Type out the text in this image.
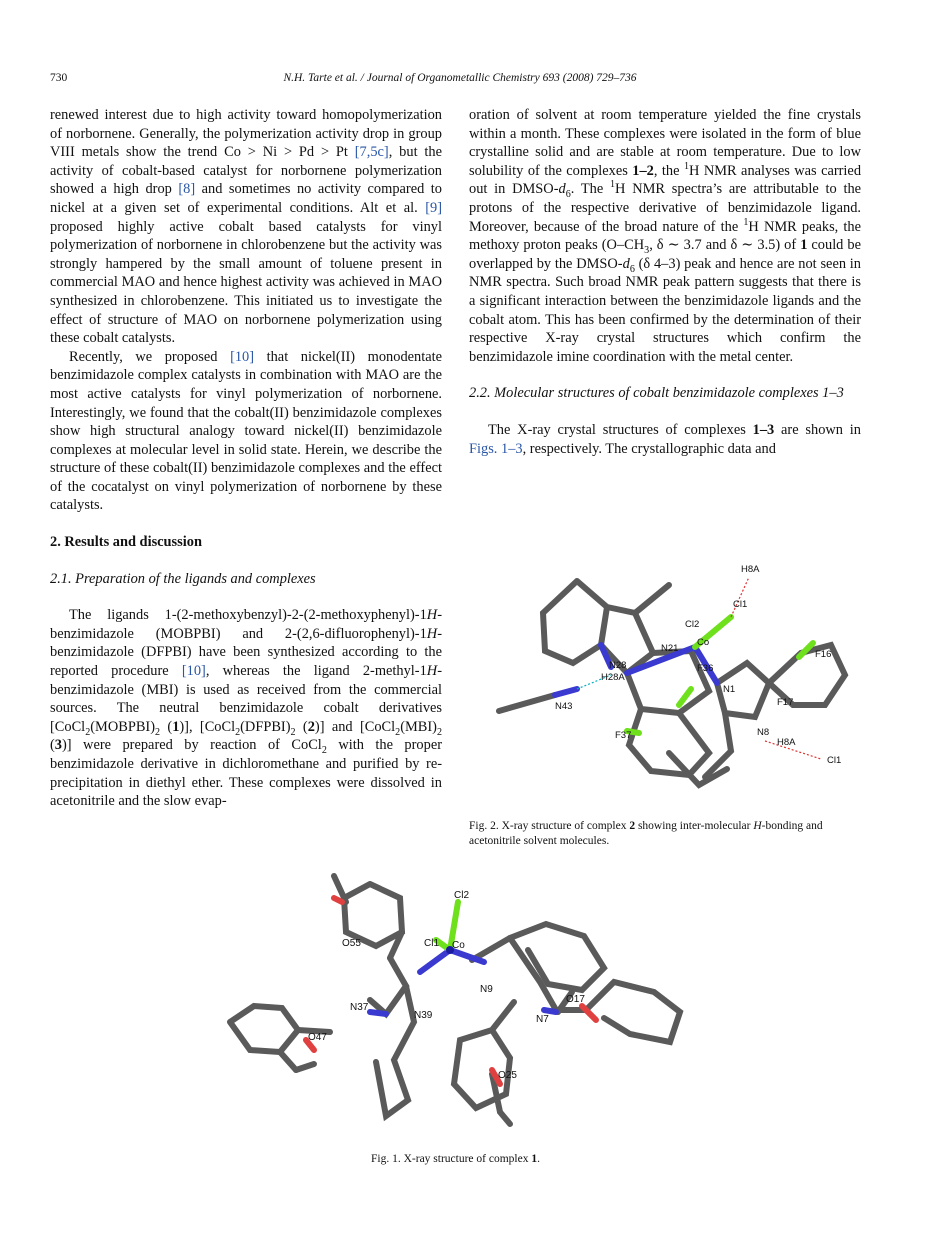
730	N.H. Tarte et al. / Journal of Organometallic Chemistry 693 (2008) 729–736

renewed interest due to high activity toward homopolymerization of norbornene. Generally, the polymerization activity drop in group VIII metals show the trend Co > Ni > Pd > Pt [7,5c], but the activity of cobalt-based catalyst for norbornene polymerization showed a high drop [8] and sometimes no activity compared to nickel at a given set of experimental conditions. Alt et al. [9] proposed highly active cobalt based catalysts for vinyl polymerization of norbornene in chlorobenzene but the activity was strongly hampered by the small amount of toluene present in commercial MAO and hence highest activity was achieved in MAO synthesized in chlorobenzene. This initiated us to investigate the effect of structure of MAO on norbornene polymerization using these cobalt catalysts.

Recently, we proposed [10] that nickel(II) monodentate benzimidazole complex catalysts in combination with MAO are the most active catalysts for vinyl polymerization of norbornene. Interestingly, we found that the cobalt(II) benzimidazole complexes show high structural analogy toward nickel(II) benzimidazole complexes at molecular level in solid state. Herein, we describe the structure of these cobalt(II) benzimidazole complexes and the effect of the cocatalyst on vinyl polymerization of norbornene by these catalysts.

2. Results and discussion
2.1. Preparation of the ligands and complexes

The ligands 1-(2-methoxybenzyl)-2-(2-methoxyphenyl)-1H-benzimidazole (MOBPBI) and 2-(2,6-difluorophenyl)-1H-benzimidazole (DFPBI) have been synthesized according to the reported procedure [10], whereas the ligand 2-methyl-1H-benzimidazole (MBI) is used as received from the commercial sources. The neutral benzimidazole cobalt derivatives [$CoCl_2(MOBPBI)_2$ (1)], [$CoCl_2(DFPBI)_2$ (2)] and [$CoCl_2(MBI)_2$ (3)] were prepared by reaction of CoCl$_2$ with the proper benzimidazole derivative in dichloromethane and purified by re-precipitation in diethyl ether. These complexes were dissolved in acetonitrile and the slow evap-

oration of solvent at room temperature yielded the fine crystals within a month. These complexes were isolated in the form of blue crystalline solid and are stable at room temperature. Due to low solubility of the complexes 1–2, the $^1$H NMR analyses was carried out in DMSO-$d_6$. The $^1$H NMR spectra’s are attributable to the protons of the respective derivative of benzimidazole ligand. Moreover, because of the broad nature of the $^1$H NMR peaks, the methoxy proton peaks ($O-CH_3$, δ ∼ 3.7 and δ ∼ 3.5) of 1 could be overlapped by the DMSO-$d_6$ (δ 4–3) peak and hence are not seen in NMR spectra. Such broad NMR peak pattern suggests that there is a significant interaction between the benzimidazole ligands and the cobalt atom. This has been confirmed by the determination of their respective X-ray crystal structures which confirm the benzimidazole imine coordination with the metal center.

2.2. Molecular structures of cobalt benzimidazole complexes 1–3

The X-ray crystal structures of complexes 1–3 are shown in Figs. 1–3, respectively. The crystallographic data and

H8A
Cl1
Cl2
N21
Co
F16
N28
H28A
F36
N1
F17
N43
F37	N8
H8A
Cl1
Fig. 2. X-ray structure of complex 2 showing inter-molecular H-bonding and acetonitrile solvent molecules.
Cl2
O55	Cl1 Co
N9
O17
N37
N39	N7
O47
O25
Fig. 1. X-ray structure of complex 1.
